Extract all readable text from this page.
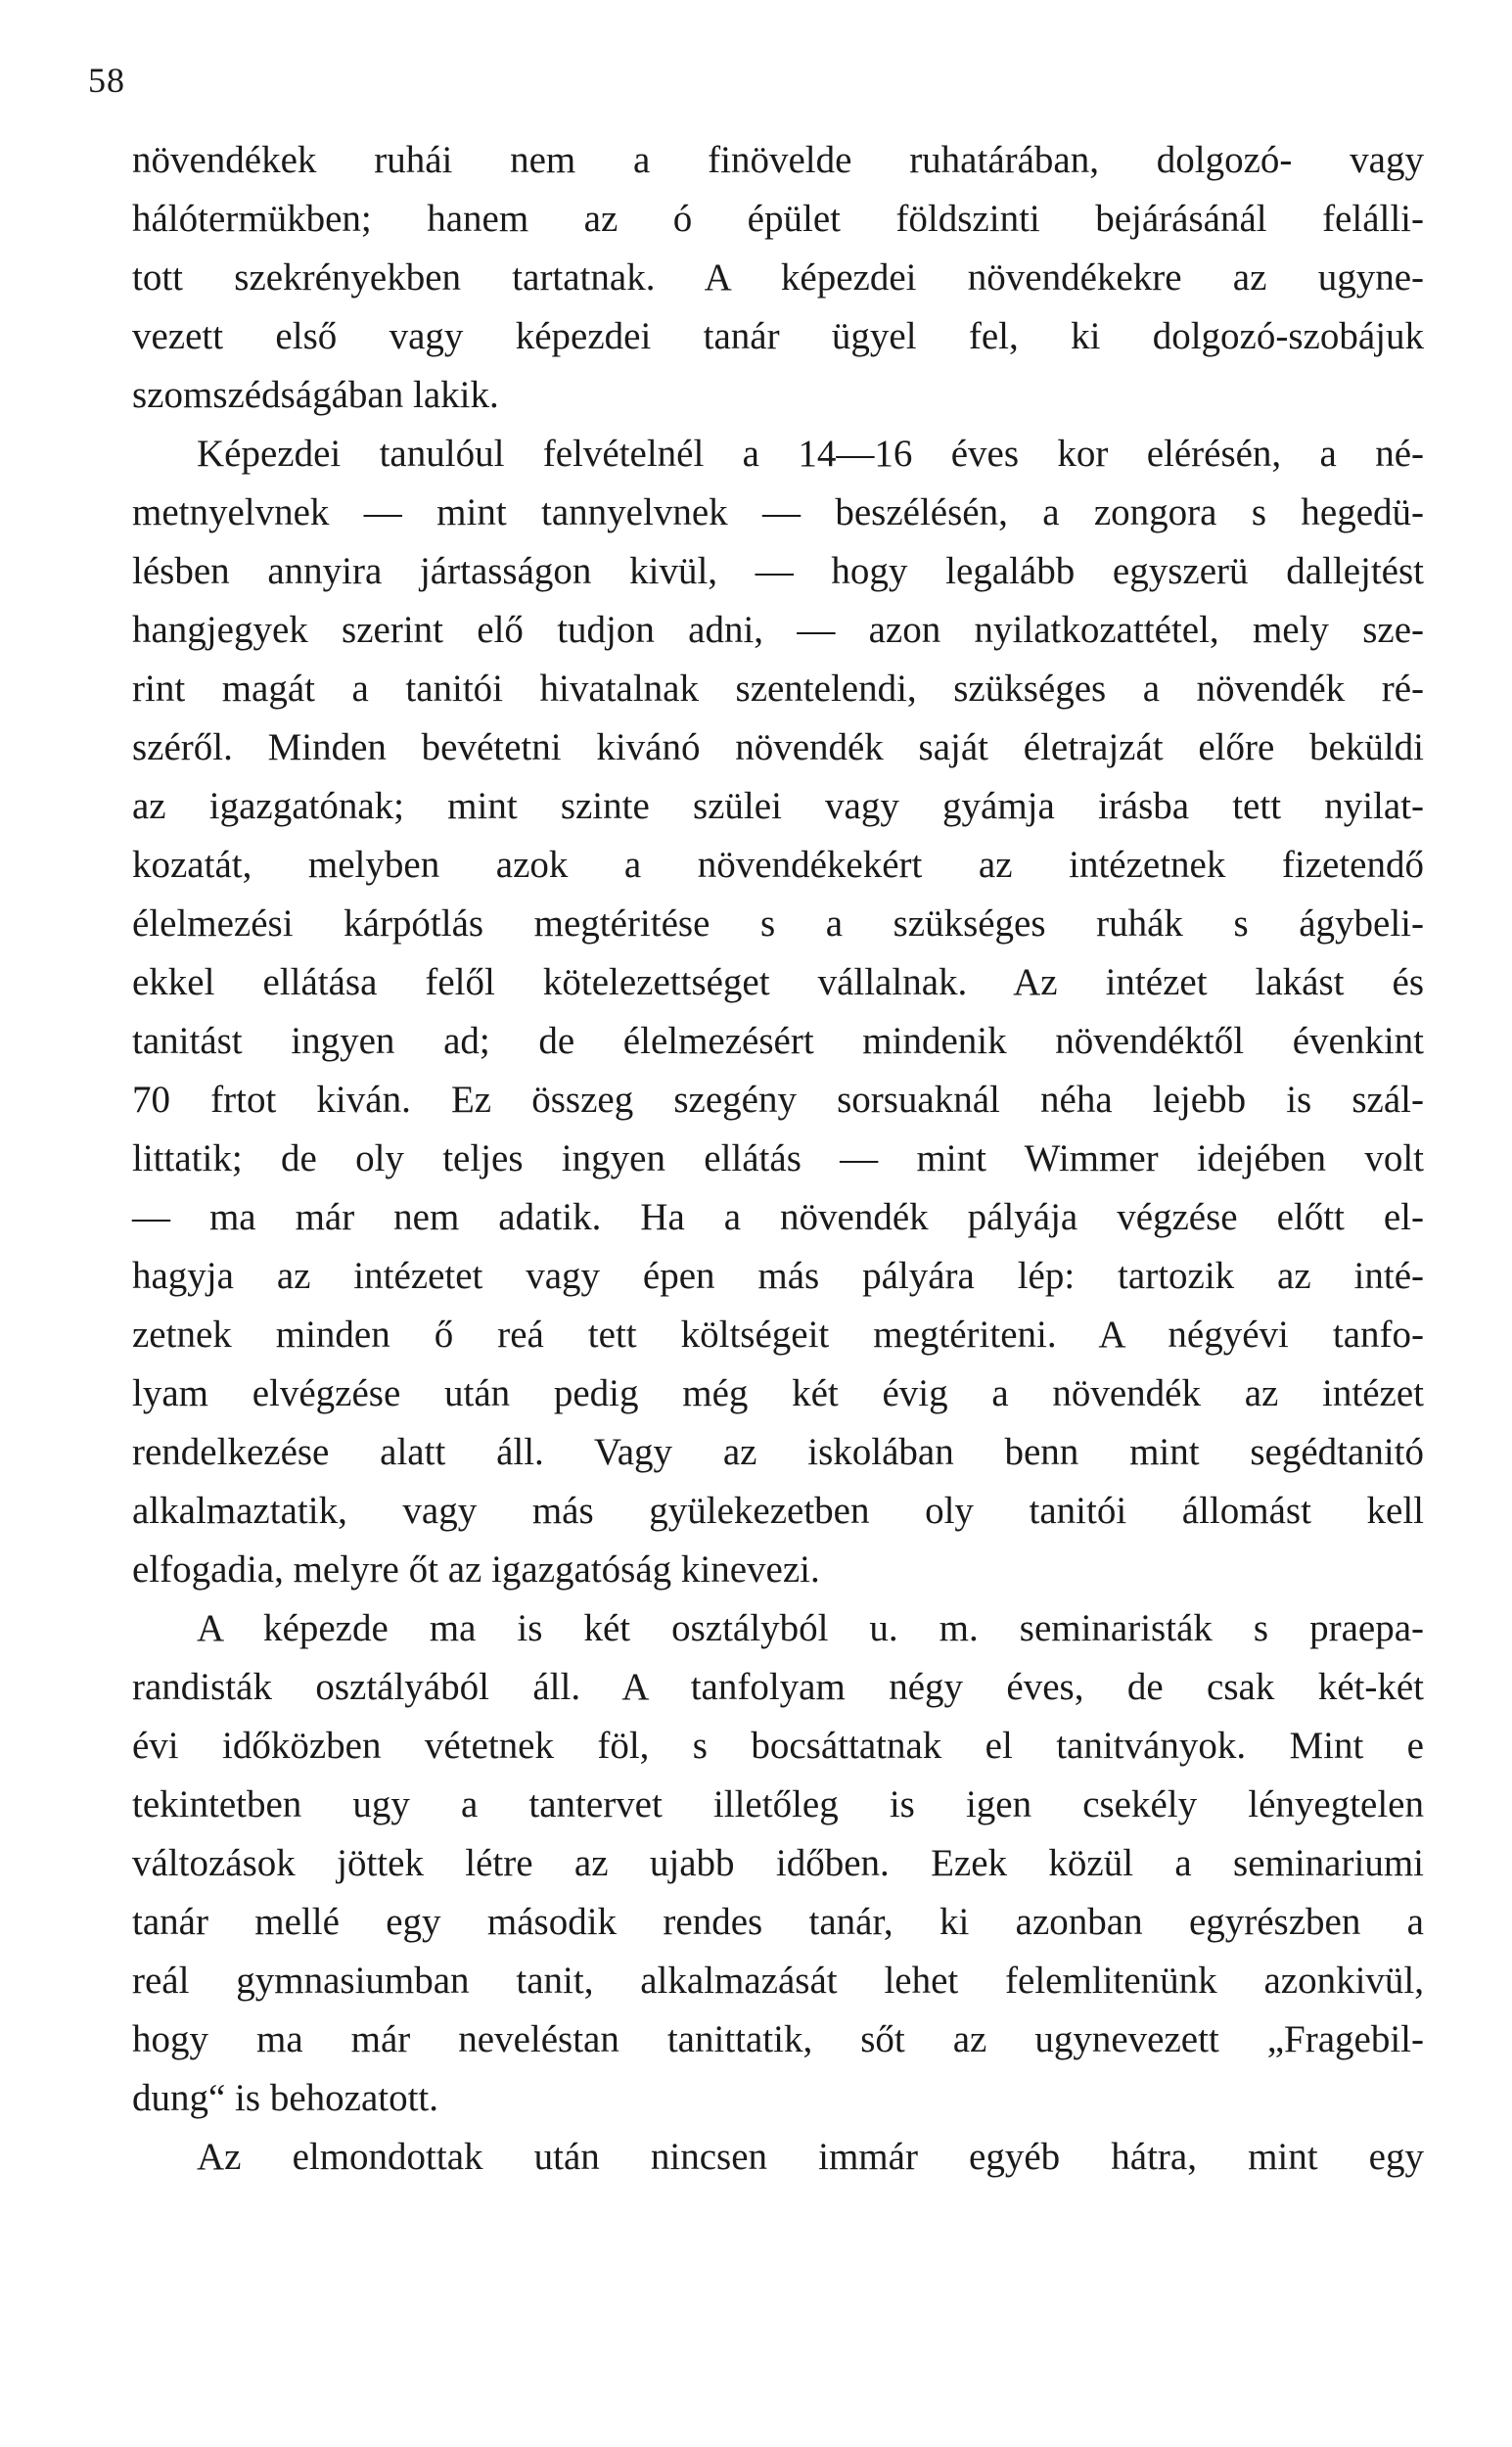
58
növendékek ruhái nem a finövelde ruhatárában, dolgozó- vagy
hálótermükben; hanem az ó épület földszinti bejárásánál felálli-
tott szekrényekben tartatnak. A képezdei növendékekre az ugyne-
vezett első vagy képezdei tanár ügyel fel, ki dolgozó-szobájuk
szomszédságában lakik.
Képezdei tanulóul felvételnél a 14—16 éves kor elérésén, a né-
metnyelvnek — mint tannyelvnek — beszélésén, a zongora s hegedü-
lésben annyira jártasságon kivül, — hogy legalább egyszerü dallejtést
hangjegyek szerint elő tudjon adni, — azon nyilatkozattétel, mely sze-
rint magát a tanitói hivatalnak szentelendi, szükséges a növendék ré-
széről. Minden bevétetni kivánó növendék saját életrajzát előre beküldi
az igazgatónak; mint szinte szülei vagy gyámja irásba tett nyilat-
kozatát, melyben azok a növendékekért az intézetnek fizetendő
élelmezési kárpótlás megtéritése s a szükséges ruhák s ágybeli-
ekkel ellátása felől kötelezettséget vállalnak. Az intézet lakást és
tanitást ingyen ad; de élelmezésért mindenik növendéktől évenkint
70 frtot kiván. Ez összeg szegény sorsuaknál néha lejebb is szál-
littatik; de oly teljes ingyen ellátás — mint Wimmer idejében volt
— ma már nem adatik. Ha a növendék pályája végzése előtt el-
hagyja az intézetet vagy épen más pályára lép: tartozik az inté-
zetnek minden ő reá tett költségeit megtériteni. A négyévi tanfo-
lyam elvégzése után pedig még két évig a növendék az intézet
rendelkezése alatt áll. Vagy az iskolában benn mint segédtanitó
alkalmaztatik, vagy más gyülekezetben oly tanitói állomást kell
elfogadia, melyre őt az igazgatóság kinevezi.
A képezde ma is két osztályból u. m. seminaristák s praepa-
randisták osztályából áll. A tanfolyam négy éves, de csak két-két
évi időközben vétetnek föl, s bocsáttatnak el tanitványok. Mint e
tekintetben ugy a tantervet illetőleg is igen csekély lényegtelen
változások jöttek létre az ujabb időben. Ezek közül a seminariumi
tanár mellé egy második rendes tanár, ki azonban egyrészben a
reál gymnasiumban tanit, alkalmazását lehet felemlitenünk azonkivül,
hogy ma már neveléstan tanittatik, sőt az ugynevezett „Fragebil-
dung“ is behozatott.
Az elmondottak után nincsen immár egyéb hátra, mint egy
